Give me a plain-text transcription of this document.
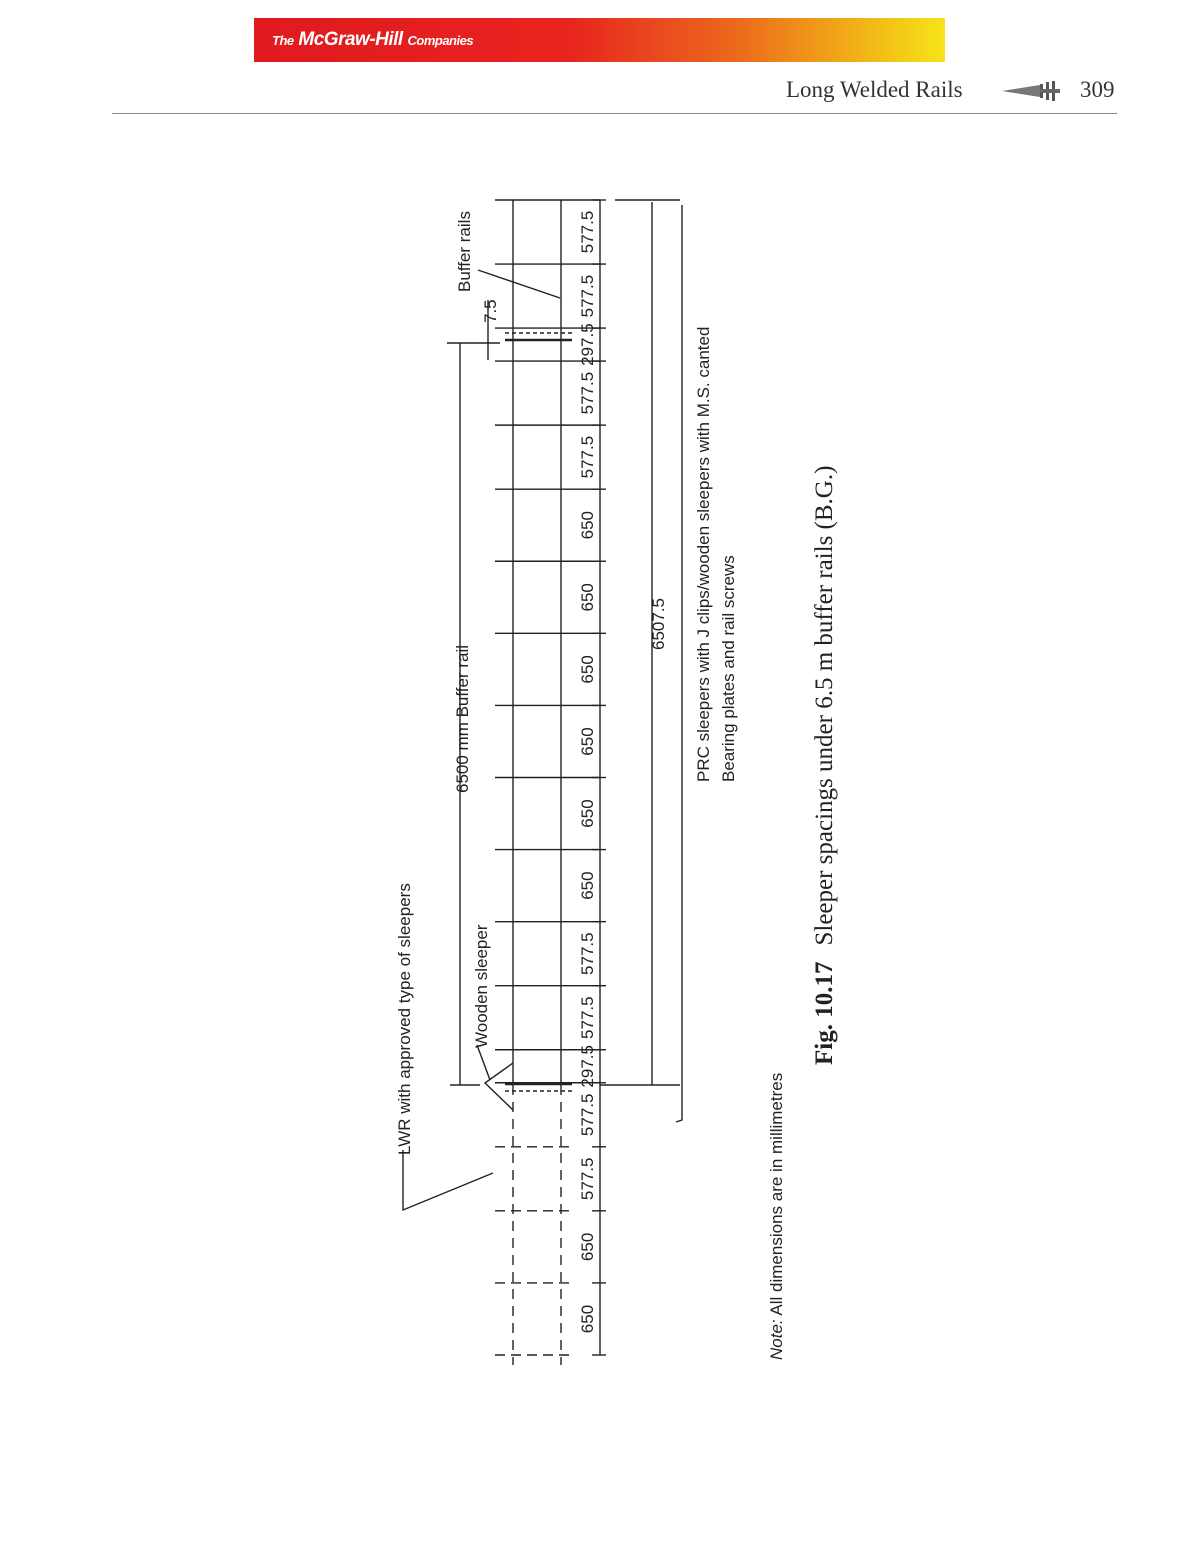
The McGraw-Hill Companies
Long Welded Rails	309
LWR with approved type of sleepers	Wooden sleeper
6500 mm Buffer rail
Buffer rails
7.5
6507.5 PRC sleepers with J clips/wooden sleepers with M.S. canted Bearing plates and rail screws
Note: All dimensions are in millimetres
650
650
577.5
577.5
297.5
577.5
577.5
650
650
650
650
650
650
577.5
577.5
297.5
577.5
577.5
Fig. 10.17Sleeper spacings under 6.5 m buffer rails (B.G.)
